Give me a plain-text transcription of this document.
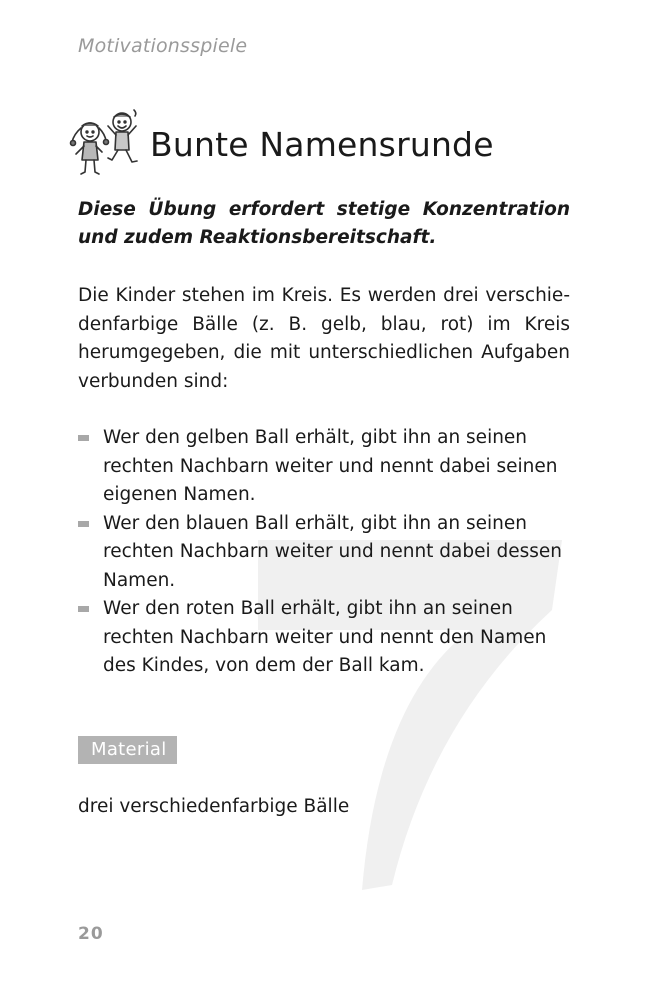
Motivationsspiele
Bunte Namensrunde

Diese Übung erfordert stetige Konzentration und zudem Reaktionsbereitschaft.

Die Kinder stehen im Kreis. Es werden drei verschiedenfarbige Bälle (z. B. gelb, blau, rot) im Kreis herumgegeben, die mit unterschiedlichen Aufgaben verbunden sind:

Wer den gelben Ball erhält, gibt ihn an seinen rechten Nachbarn weiter und nennt dabei seinen eigenen Namen.
Wer den blauen Ball erhält, gibt ihn an seinen rechten Nachbarn weiter und nennt dabei dessen Namen.
Wer den roten Ball erhält, gibt ihn an seinen rechten Nachbarn weiter und nennt den Namen des Kindes, von dem der Ball kam.
Material

drei verschiedenfarbige Bälle

20
